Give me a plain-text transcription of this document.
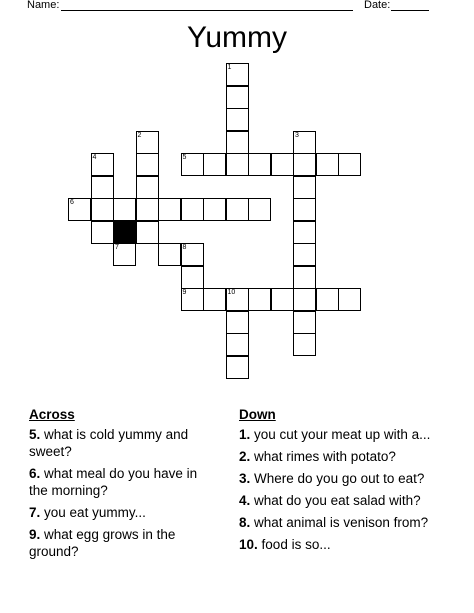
Name:	Date:
Yummy
1
5
2	3
4
6
7	8
9	10
Across
5. what is cold yummy and sweet?
6. what meal do you have in the morning?
7. you eat yummy...
9. what egg grows in the ground?
Down
1. you cut your meat up with a...
2. what rimes with potato?
3. Where do you go out to eat?
4. what do you eat salad with?
8. what animal is venison from?
10. food is so...
